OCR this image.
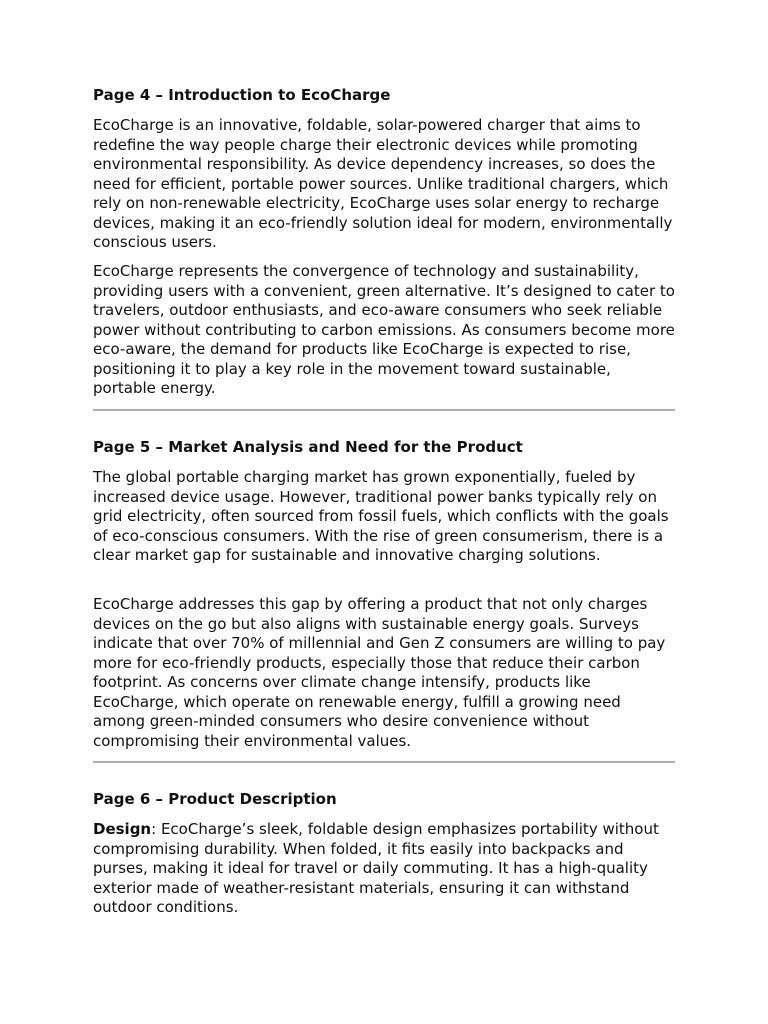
Page 4 – Introduction to EcoCharge

EcoCharge is an innovative, foldable, solar-powered charger that aims to redefine the way people charge their electronic devices while promoting environmental responsibility. As device dependency increases, so does the need for efficient, portable power sources. Unlike traditional chargers, which rely on non-renewable electricity, EcoCharge uses solar energy to recharge devices, making it an eco-friendly solution ideal for modern, environmentally conscious users.

EcoCharge represents the convergence of technology and sustainability, providing users with a convenient, green alternative. It’s designed to cater to travelers, outdoor enthusiasts, and eco-aware consumers who seek reliable power without contributing to carbon emissions. As consumers become more eco-aware, the demand for products like EcoCharge is expected to rise, positioning it to play a key role in the movement toward sustainable, portable energy.

Page 5 – Market Analysis and Need for the Product

The global portable charging market has grown exponentially, fueled by increased device usage. However, traditional power banks typically rely on grid electricity, often sourced from fossil fuels, which conflicts with the goals of eco-conscious consumers. With the rise of green consumerism, there is a clear market gap for sustainable and innovative charging solutions.

EcoCharge addresses this gap by offering a product that not only charges devices on the go but also aligns with sustainable energy goals. Surveys indicate that over 70% of millennial and Gen Z consumers are willing to pay more for eco-friendly products, especially those that reduce their carbon footprint. As concerns over climate change intensify, products like EcoCharge, which operate on renewable energy, fulfill a growing need among green-minded consumers who desire convenience without compromising their environmental values.

Page 6 – Product Description

Design: EcoCharge’s sleek, foldable design emphasizes portability without compromising durability. When folded, it fits easily into backpacks and purses, making it ideal for travel or daily commuting. It has a high-quality exterior made of weather-resistant materials, ensuring it can withstand outdoor conditions.
